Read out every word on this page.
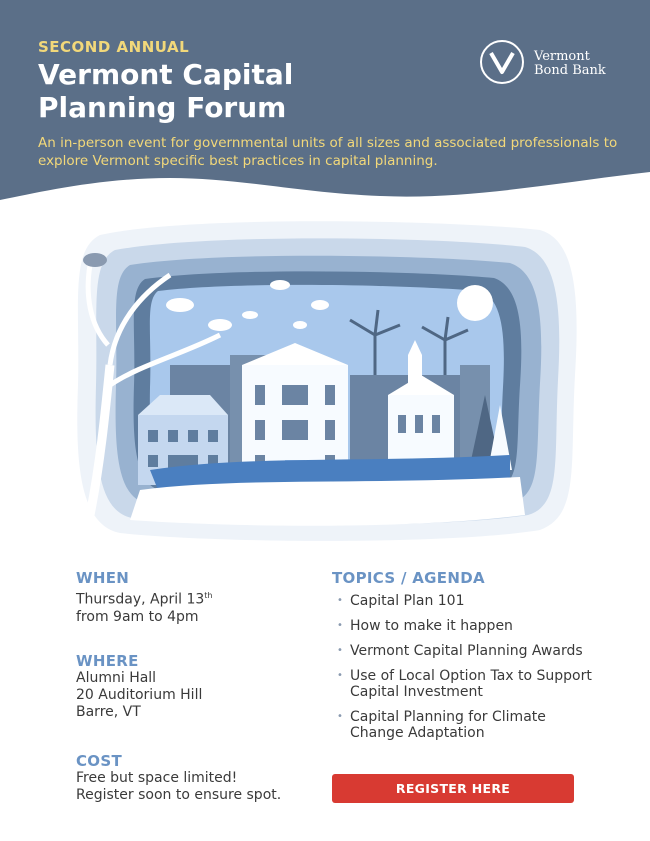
SECOND ANNUAL
Vermont Capital Planning Forum
An in-person event for governmental units of all sizes and associated professionals to explore Vermont specific best practices in capital planning.
Vermont
Bond Bank
WHEN
Thursday, April 13th
from 9am to 4pm
WHERE
Alumni Hall
20 Auditorium Hill
Barre, VT
COST
Free but space limited!
Register soon to ensure spot.
TOPICS / AGENDA
• Capital Plan 101
• How to make it happen
• Vermont Capital Planning Awards
• Use of Local Option Tax to Support Capital Investment
• Capital Planning for Climate Change Adaptation
REGISTER HERE
